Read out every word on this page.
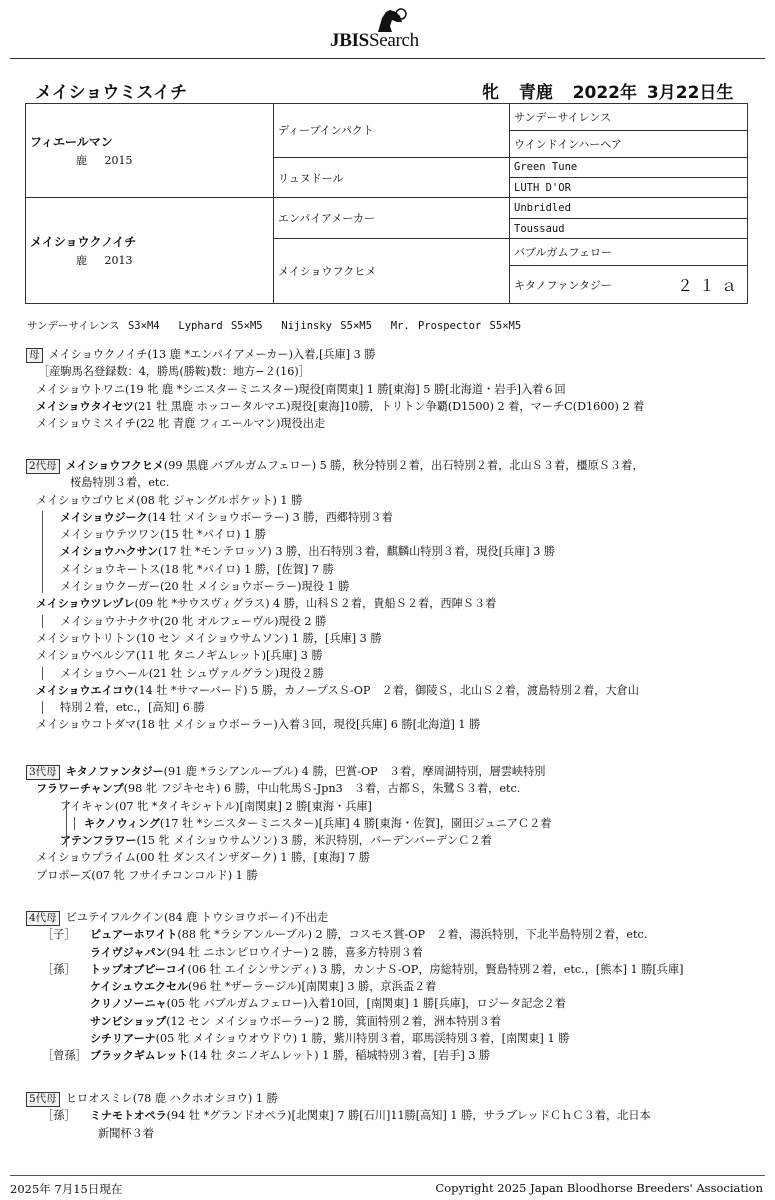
JBISSearch
メイショウミスイチ	牝 青鹿 2022年 3月22日生
フィエールマン
鹿 2015	ディープインパクト	サンデーサイレンス
		ウインドインハーヘア
	リュヌドール	Green Tune
		LUTH D'OR

メイショウクノイチ
鹿 2013	エンパイアメーカー	Unbridled
		Toussaud
	メイショウフクヒメ	バブルガムフェロー

		キタノファンタジー ２１ａ
サンデーサイレンス S3×M4　 Lyphard S5×M5　 Nijinsky S5×M5　 Mr. Prospector S5×M5
母 メイショウクノイチ(13 鹿 *エンパイアメーカー)入着,[兵庫] 3 勝
［産駒馬名登録数：4，勝馬(勝鞍)数：地方−２(16)］
メイショウトワニ(19 牝 鹿 *シニスターミニスター)現役[南関東] 1 勝[東海] 5 勝[北海道・岩手]入着６回
メイショウタイセツ(21 牡 黒鹿 ホッコータルマエ)現役[東海]10勝，トリトン争覇(D1500) 2 着，マーチC(D1600) 2 着
メイショウミスイチ(22 牝 青鹿 フィエールマン)現役出走
2代母 メイショウフクヒメ(99 黒鹿 バブルガムフェロー) 5 勝，秋分特別２着，出石特別２着，北山Ｓ３着，橿原Ｓ３着，
桜島特別３着，etc.
メイショウゴウヒメ(08 牝 ジャングルポケット) 1 勝
メイショウジーク(14 牡 メイショウボーラー) 3 勝，西郷特別３着
メイショウテツワン(15 牡 *パイロ) 1 勝
メイショウハクサン(17 牡 *モンテロッソ) 3 勝，出石特別３着，麒麟山特別３着，現役[兵庫] 3 勝
メイショウキートス(18 牝 *パイロ) 1 勝，[佐賀] 7 勝
メイショウクーガー(20 牡 メイショウボーラー)現役 1 勝
メイショウツレヅレ(09 牝 *サウスヴィグラス) 4 勝，山科Ｓ２着，貴船Ｓ２着，西陣Ｓ３着
メイショウナナクサ(20 牝 オルフェーヴル)現役 2 勝
メイショウトリトン(10 セン メイショウサムソン) 1 勝，[兵庫] 3 勝
メイショウベルシア(11 牝 タニノギムレット)[兵庫] 3 勝
メイショウヘール(21 牡 シュヴァルグラン)現役２勝
メイショウエイコウ(14 牡 *サマーバード) 5 勝，カノープスＳ-OP　２着，御陵Ｓ，北山Ｓ２着，渡島特別２着，大倉山
特別２着，etc.，[高知] 6 勝
メイショウコトダマ(18 牡 メイショウボーラー)入着３回，現役[兵庫] 6 勝[北海道] 1 勝
3代母 キタノファンタジー(91 鹿 *ラシアンルーブル) 4 勝，巴賞-OP　３着，摩周湖特別，層雲峡特別
フラワーチャンプ(98 牝 フジキセキ) 6 勝，中山牝馬Ｓ-Jpn3　３着，古都Ｓ，朱鷺Ｓ３着，etc.
アイキャン(07 牝 *タイキシャトル)[南関東] 2 勝[東海・兵庫]
キクノウィング(17 牡 *シニスターミニスター)[兵庫] 4 勝[東海・佐賀]，園田ジュニアＣ２着
アテンフラワー(15 牝 メイショウサムソン) 3 勝，米沢特別，バーデンバーデンＣ２着
メイショウプライム(00 牡 ダンスインザダーク) 1 勝，[東海] 7 勝
プロポーズ(07 牝 フサイチコンコルド) 1 勝
4代母 ビユテイフルクイン(84 鹿 トウシヨウボーイ)不出走
［子］ ピュアーホワイト(88 牝 *ラシアンルーブル) 2 勝，コスモス賞-OP　２着，湯浜特別，下北半島特別２着，etc.
ライヴジャパン(94 牡 ニホンピロウイナー) 2 勝，喜多方特別３着
［孫］ トップオブピーコイ(06 牡 エイシンサンディ) 3 勝，カンナＳ-OP，房総特別，賢島特別２着，etc.，[熊本] 1 勝[兵庫]
ケイシュウエクセル(96 牡 *ザーラージル)[南関東] 3 勝，京浜盃２着
クリノソーニャ(05 牝 バブルガムフェロー)入着10回，[南関東] 1 勝[兵庫]，ロジータ記念２着
サンビショップ(12 セン メイショウボーラー) 2 勝，箕面特別２着，洲本特別３着
シチリアーナ(05 牝 メイショウオウドウ) 1 勝，紫川特別３着，耶馬渓特別３着，[南関東] 1 勝
［曾孫］ ブラックギムレット(14 牡 タニノギムレット) 1 勝，稲城特別３着，[岩手] 3 勝
5代母 ヒロオスミレ(78 鹿 ハクホオシヨウ) 1 勝
［孫］ ミナモトオペラ(94 牡 *グランドオペラ)[北関東] 7 勝[石川]11勝[高知] 1 勝，サラブレッドＣｈＣ３着，北日本
新聞杯３着
2025年 7月15日現在	Copyright 2025 Japan Bloodhorse Breeders' Association
